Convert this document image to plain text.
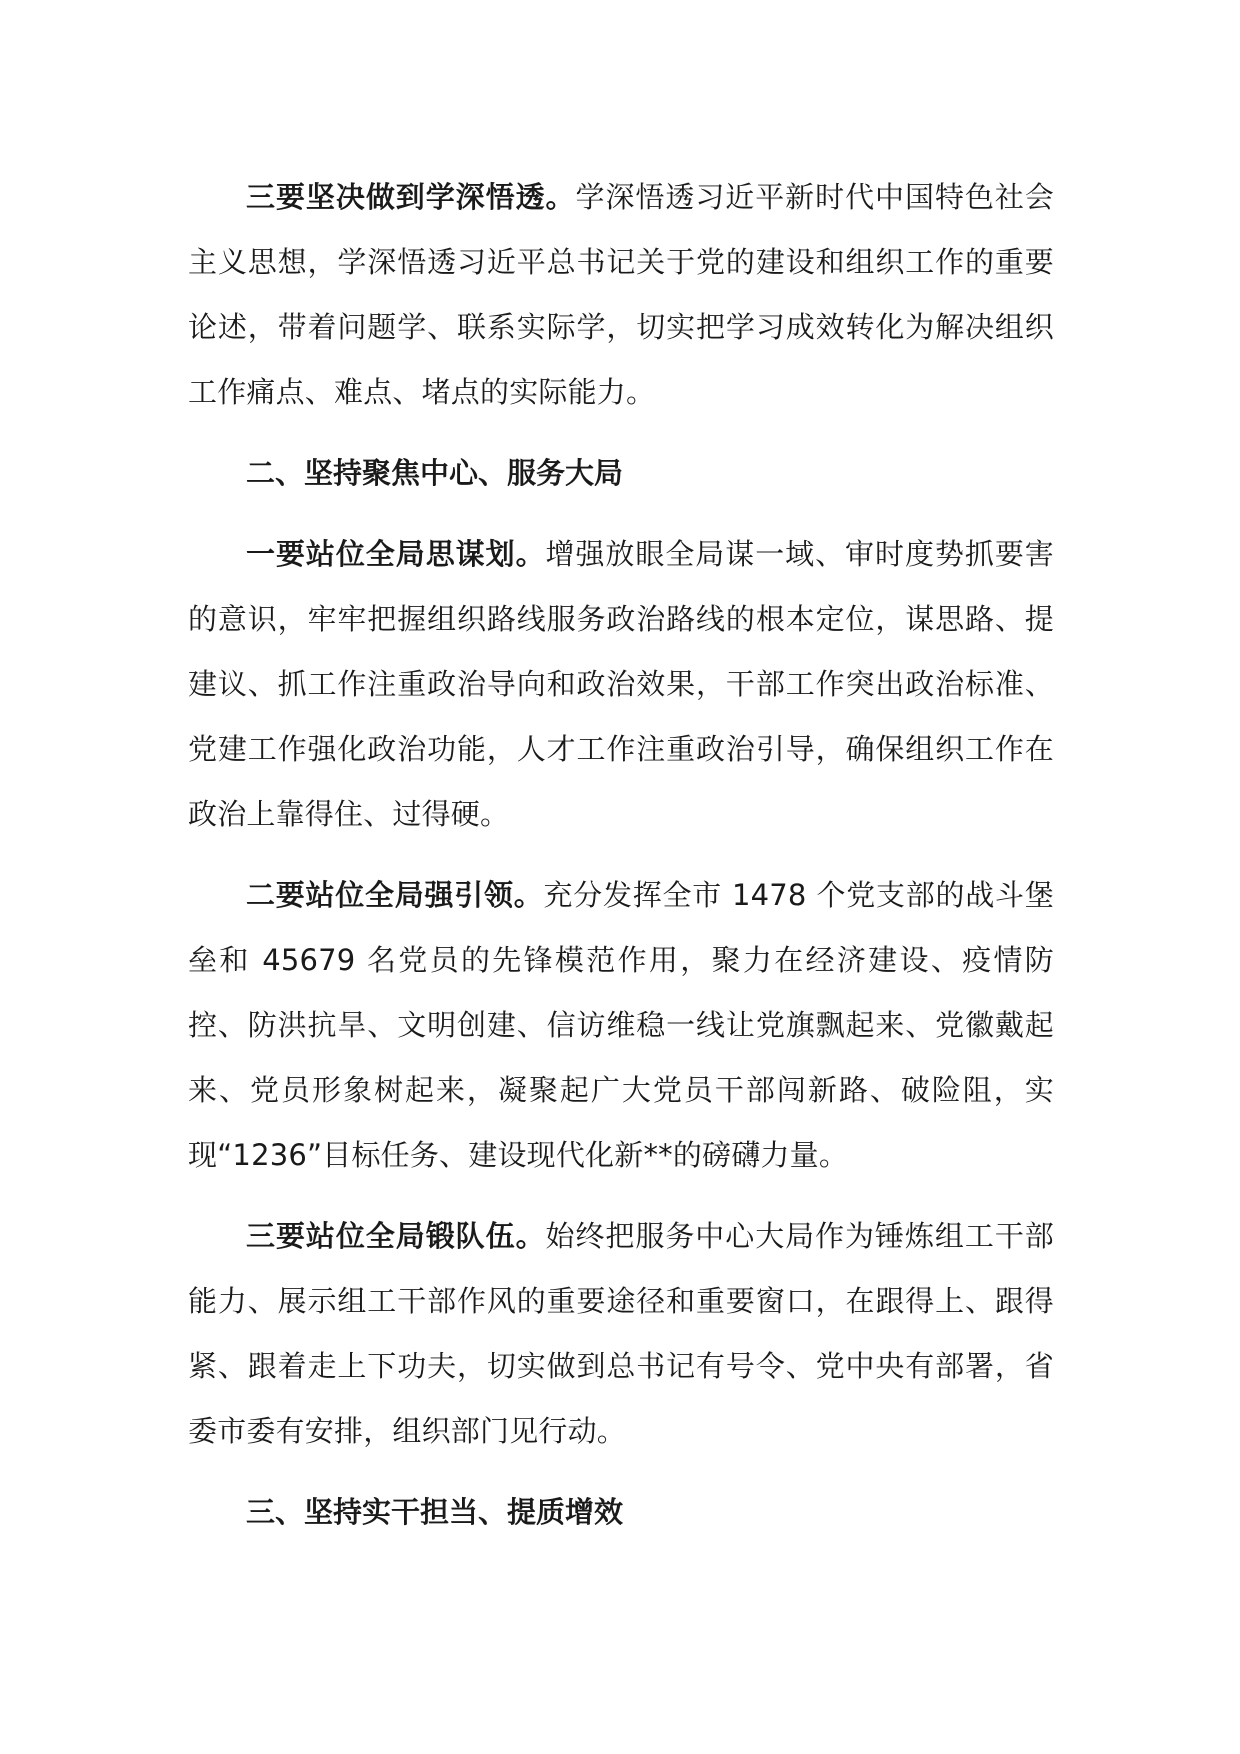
三要坚决做到学深悟透。学深悟透习近平新时代中国特色社会主义思想，学深悟透习近平总书记关于党的建设和组织工作的重要论述，带着问题学、联系实际学，切实把学习成效转化为解决组织工作痛点、难点、堵点的实际能力。

二、坚持聚焦中心、服务大局

一要站位全局思谋划。增强放眼全局谋一域、审时度势抓要害的意识，牢牢把握组织路线服务政治路线的根本定位，谋思路、提建议、抓工作注重政治导向和政治效果，干部工作突出政治标准、党建工作强化政治功能，人才工作注重政治引导，确保组织工作在政治上靠得住、过得硬。

二要站位全局强引领。充分发挥全市 1478 个党支部的战斗堡垒和 45679 名党员的先锋模范作用，聚力在经济建设、疫情防控、防洪抗旱、文明创建、信访维稳一线让党旗飘起来、党徽戴起来、党员形象树起来，凝聚起广大党员干部闯新路、破险阻，实现“1236”目标任务、建设现代化新**的磅礴力量。

三要站位全局锻队伍。始终把服务中心大局作为锤炼组工干部能力、展示组工干部作风的重要途径和重要窗口，在跟得上、跟得紧、跟着走上下功夫，切实做到总书记有号令、党中央有部署，省委市委有安排，组织部门见行动。

三、坚持实干担当、提质增效
